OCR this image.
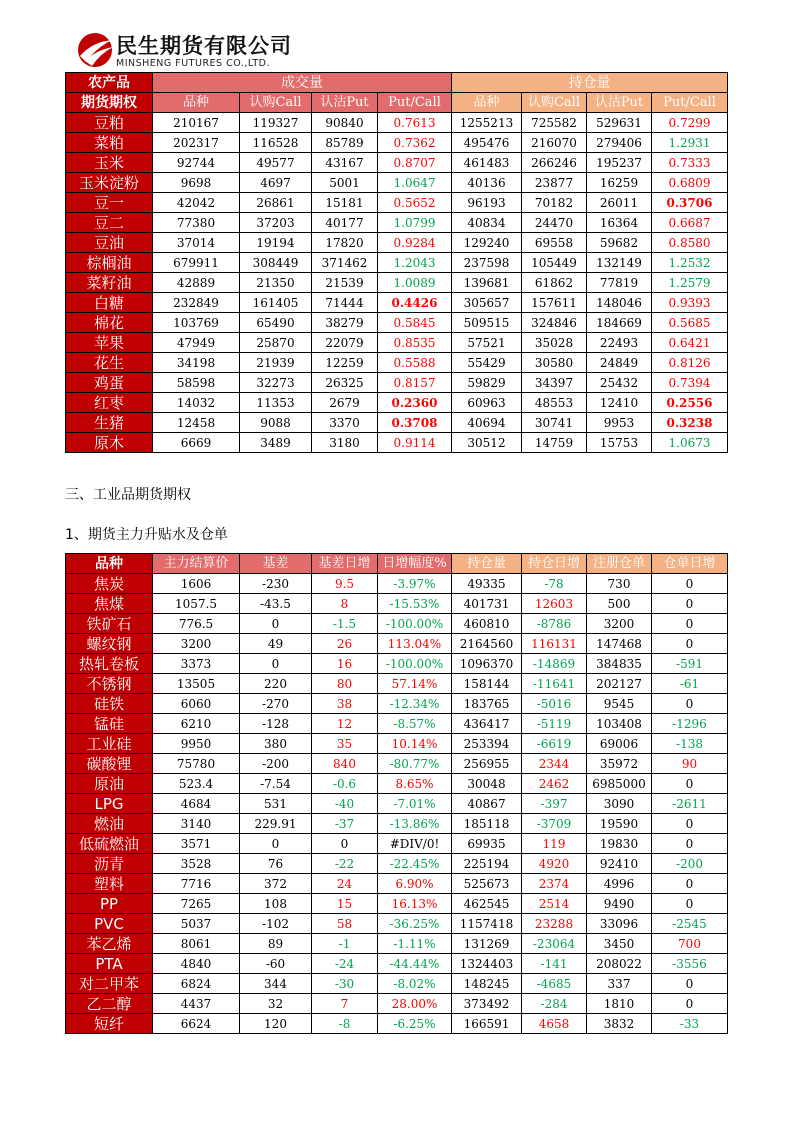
民生期货有限公司
MINSHENG FUTURES CO.,LTD.
农产品	成交量				持仓量			
期货期权	品种	认购Call	认沽Put	Put/Call	品种	认购Call	认沽Put	Put/Call
豆粕	210167	119327	90840	0.7613	1255213	725582	529631	0.7299
菜粕	202317	116528	85789	0.7362	495476	216070	279406	1.2931
玉米	92744	49577	43167	0.8707	461483	266246	195237	0.7333
玉米淀粉	9698	4697	5001	1.0647	40136	23877	16259	0.6809
豆一	42042	26861	15181	0.5652	96193	70182	26011	0.3706
豆二	77380	37203	40177	1.0799	40834	24470	16364	0.6687
豆油	37014	19194	17820	0.9284	129240	69558	59682	0.8580
棕榈油	679911	308449	371462	1.2043	237598	105449	132149	1.2532
菜籽油	42889	21350	21539	1.0089	139681	61862	77819	1.2579
白糖	232849	161405	71444	0.4426	305657	157611	148046	0.9393
棉花	103769	65490	38279	0.5845	509515	324846	184669	0.5685
苹果	47949	25870	22079	0.8535	57521	35028	22493	0.6421
花生	34198	21939	12259	0.5588	55429	30580	24849	0.8126
鸡蛋	58598	32273	26325	0.8157	59829	34397	25432	0.7394
红枣	14032	11353	2679	0.2360	60963	48553	12410	0.2556
生猪	12458	9088	3370	0.3708	40694	30741	9953	0.3238
原木	6669	3489	3180	0.9114	30512	14759	15753	1.0673
三、工业品期货期权
1、期货主力升贴水及仓单
品种	主力结算价	基差	基差日增	日增幅度%	持仓量	持仓日增	注册仓单	仓单日增
焦炭	1606	-230	9.5	-3.97%	49335	-78	730	0
焦煤	1057.5	-43.5	8	-15.53%	401731	12603	500	0
铁矿石	776.5	0	-1.5	-100.00%	460810	-8786	3200	0
螺纹钢	3200	49	26	113.04%	2164560	116131	147468	0
热轧卷板	3373	0	16	-100.00%	1096370	-14869	384835	-591
不锈钢	13505	220	80	57.14%	158144	-11641	202127	-61
硅铁	6060	-270	38	-12.34%	183765	-5016	9545	0
锰硅	6210	-128	12	-8.57%	436417	-5119	103408	-1296
工业硅	9950	380	35	10.14%	253394	-6619	69006	-138
碳酸锂	75780	-200	840	-80.77%	256955	2344	35972	90
原油	523.4	-7.54	-0.6	8.65%	30048	2462	6985000	0
LPG	4684	531	-40	-7.01%	40867	-397	3090	-2611
燃油	3140	229.91	-37	-13.86%	185118	-3709	19590	0
低硫燃油	3571	0	0	#DIV/0!	69935	119	19830	0
沥青	3528	76	-22	-22.45%	225194	4920	92410	-200
塑料	7716	372	24	6.90%	525673	2374	4996	0
PP	7265	108	15	16.13%	462545	2514	9490	0
PVC	5037	-102	58	-36.25%	1157418	23288	33096	-2545
苯乙烯	8061	89	-1	-1.11%	131269	-23064	3450	700
PTA	4840	-60	-24	-44.44%	1324403	-141	208022	-3556
对二甲苯	6824	344	-30	-8.02%	148245	-4685	337	0
乙二醇	4437	32	7	28.00%	373492	-284	1810	0
短纤	6624	120	-8	-6.25%	166591	4658	3832	-33
